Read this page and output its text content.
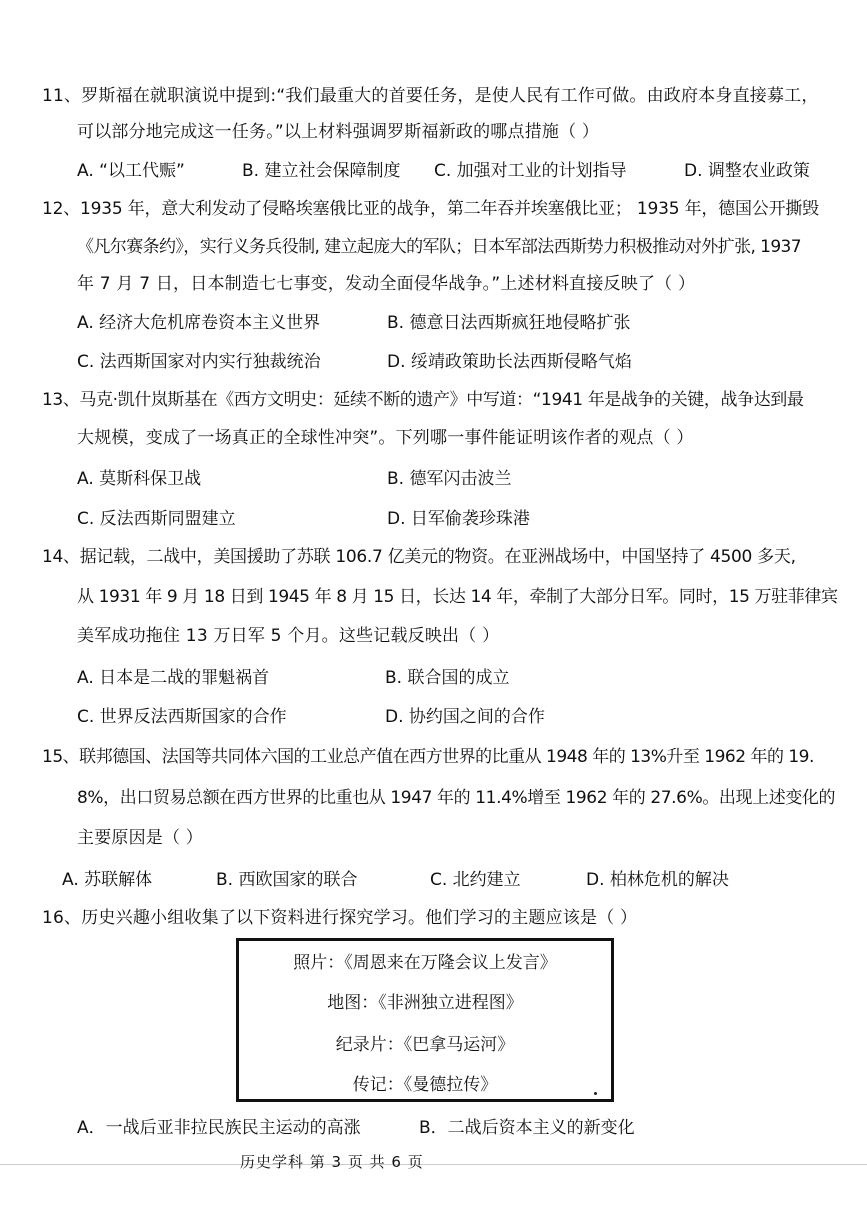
11、罗斯福在就职演说中提到:“我们最重大的首要任务，是使人民有工作可做。由政府本身直接募工，
可以部分地完成这一任务。”以上材料强调罗斯福新政的哪点措施（ ）
A. “以工代赈”	B. 建立社会保障制度 C. 加强对工业的计划指导	D. 调整农业政策
12、1935 年，意大利发动了侵略埃塞俄比亚的战争，第二年吞并埃塞俄比亚； 1935 年，德国公开撕毁
《凡尔赛条约》，实行义务兵役制, 建立起庞大的军队；日本军部法西斯势力积极推动对外扩张, 1937
年 7 月 7 日，日本制造七七事变，发动全面侵华战争。”上述材料直接反映了（ ）
A. 经济大危机席卷资本主义世界	B. 德意日法西斯疯狂地侵略扩张
C. 法西斯国家对内实行独裁统治	D. 绥靖政策助长法西斯侵略气焰
13、马克·凯什岚斯基在《西方文明史：延续不断的遗产》中写道：“1941 年是战争的关键，战争达到最
大规模，变成了一场真正的全球性冲突”。下列哪一事件能证明该作者的观点（ ）
A. 莫斯科保卫战	B. 德军闪击波兰
C. 反法西斯同盟建立	D. 日军偷袭珍珠港
14、据记载，二战中，美国援助了苏联 106.7 亿美元的物资。在亚洲战场中，中国坚持了 4500 多天,
从 1931 年 9 月 18 日到 1945 年 8 月 15 日，长达 14 年，牵制了大部分日军。同时，15 万驻菲律宾
美军成功拖住 13 万日军 5 个月。这些记载反映出（ ）
A. 日本是二战的罪魁祸首	B. 联合国的成立
C. 世界反法西斯国家的合作	D. 协约国之间的合作
15、联邦德国、法国等共同体六国的工业总产值在西方世界的比重从 1948 年的 13%升至 1962 年的 19.
8%，出口贸易总额在西方世界的比重也从 1947 年的 11.4%增至 1962 年的 27.6%。出现上述变化的
主要原因是（ ）
A. 苏联解体	B. 西欧国家的联合	C. 北约建立	D. 柏林危机的解决
16、历史兴趣小组收集了以下资料进行探究学习。他们学习的主题应该是（ ）
照片：《周恩来在万隆会议上发言》
地图：《非洲独立进程图》
纪录片：《巴拿马运河》
传记：《曼德拉传》
A．一战后亚非拉民族民主运动的高涨	B．二战后资本主义的新变化
历史学科 第 3 页 共 6 页
